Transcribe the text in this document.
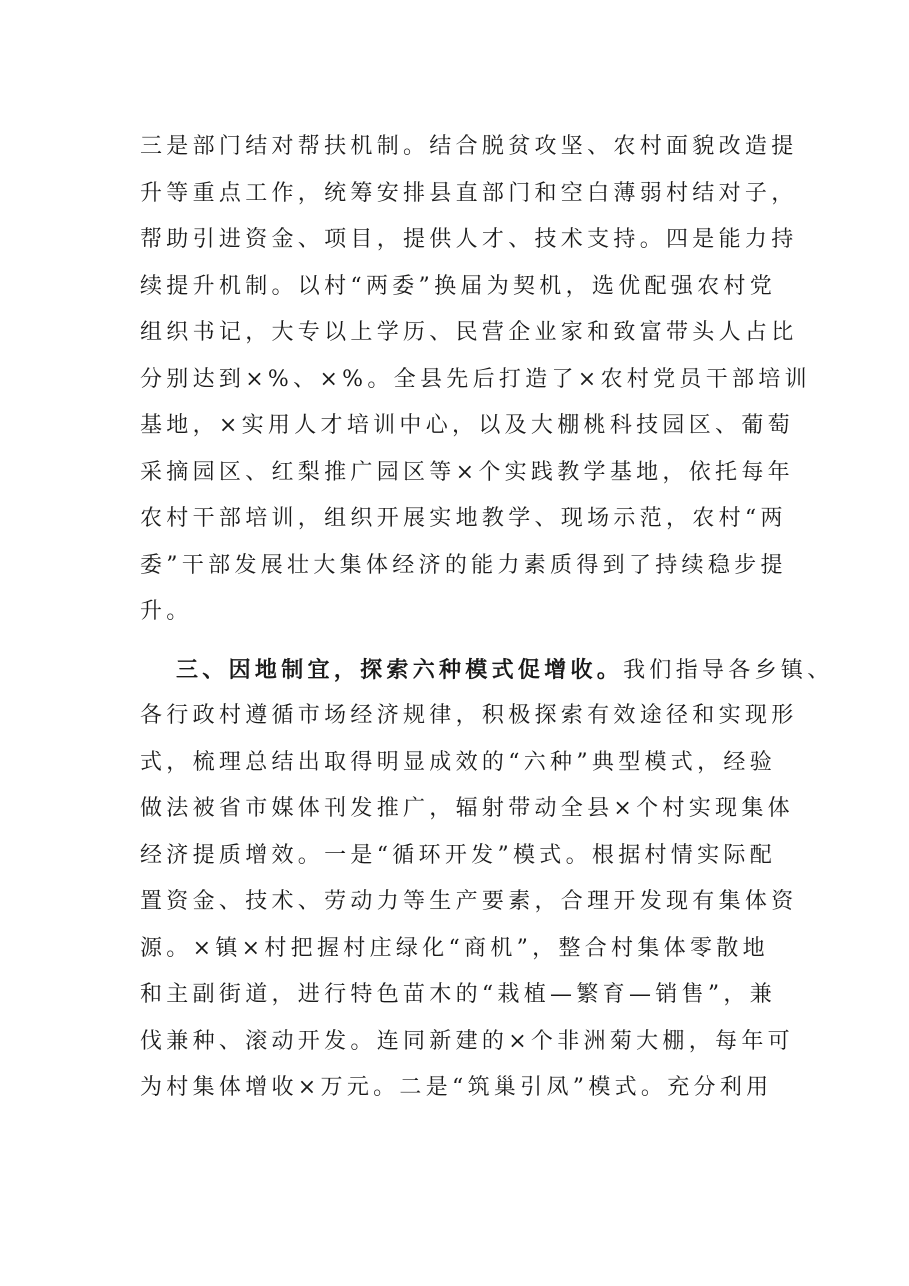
三是部门结对帮扶机制。结合脱贫攻坚、农村面貌改造提
升等重点工作，统筹安排县直部门和空白薄弱村结对子，
帮助引进资金、项目，提供人才、技术支持。四是能力持
续提升机制。以村“两委”换届为契机，选优配强农村党
组织书记，大专以上学历、民营企业家和致富带头人占比
分别达到×%、×%。全县先后打造了×农村党员干部培训
基地，×实用人才培训中心，以及大棚桃科技园区、葡萄
采摘园区、红梨推广园区等×个实践教学基地，依托每年
农村干部培训，组织开展实地教学、现场示范，农村“两
委”干部发展壮大集体经济的能力素质得到了持续稳步提
升。
三、因地制宜，探索六种模式促增收。我们指导各乡镇、
各行政村遵循市场经济规律，积极探索有效途径和实现形
式，梳理总结出取得明显成效的“六种”典型模式，经验
做法被省市媒体刊发推广，辐射带动全县×个村实现集体
经济提质增效。一是“循环开发”模式。根据村情实际配
置资金、技术、劳动力等生产要素，合理开发现有集体资
源。×镇×村把握村庄绿化“商机”，整合村集体零散地
和主副街道，进行特色苗木的“栽植—繁育—销售”，兼
伐兼种、滚动开发。连同新建的×个非洲菊大棚，每年可
为村集体增收×万元。二是“筑巢引凤”模式。充分利用
